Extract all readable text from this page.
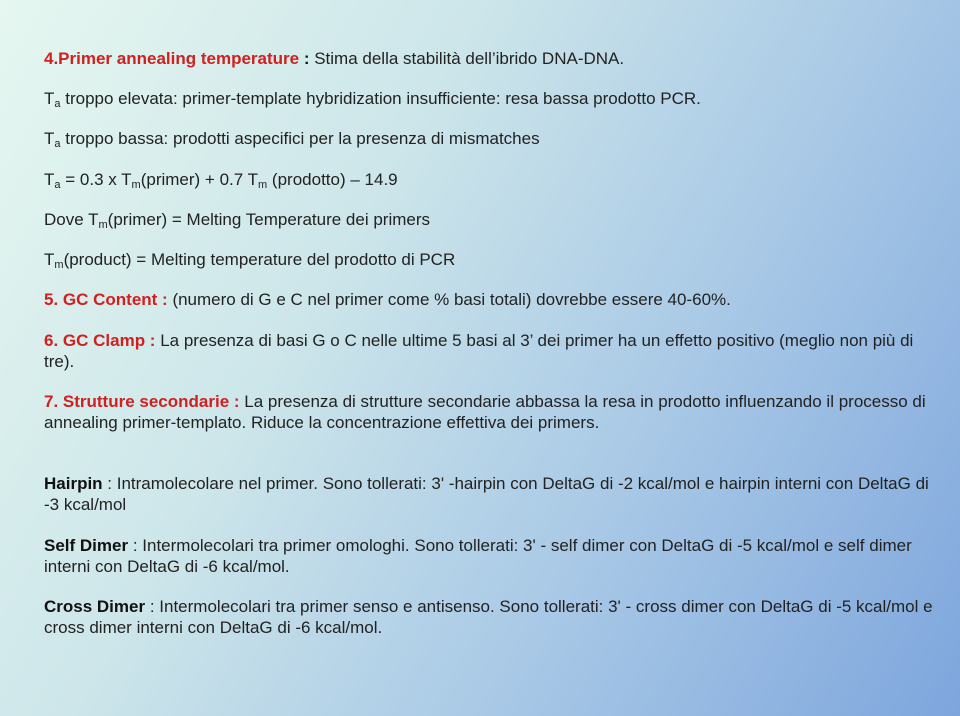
4.Primer annealing temperature : Stima della stabilità dell’ibrido DNA-DNA.
$T_a$ troppo elevata: primer-template hybridization insufficiente: resa bassa prodotto PCR.
$T_a$ troppo bassa: prodotti aspecifici per la presenza di mismatches
$T_a = 0.3$ x $T_m(primer) + 0.7$ $T_m$ (prodotto) – 14.9
Dove $T_m(primer)$ = Melting Temperature dei primers
$T_m(product)$ = Melting temperature del prodotto di PCR
5. GC Content : (numero di G e C nel primer come % basi totali) dovrebbe essere 40-60%.
6. GC Clamp : La presenza di basi G o C nelle ultime 5 basi al 3’ dei primer ha un effetto positivo (meglio non più di tre).
7. Strutture secondarie : La presenza di strutture secondarie abbassa la resa in prodotto influenzando il processo di annealing primer-templato. Riduce la concentrazione effettiva dei primers.
Hairpin : Intramolecolare nel primer. Sono tollerati: 3' -hairpin con DeltaG di -2 kcal/mol e hairpin interni con DeltaG di -3 kcal/mol
Self Dimer : Intermolecolari tra primer omologhi. Sono tollerati: 3' - self dimer con DeltaG di -5 kcal/mol e self dimer interni con DeltaG di -6 kcal/mol.
Cross Dimer : Intermolecolari tra primer senso e antisenso. Sono tollerati: 3' - cross dimer con DeltaG di -5 kcal/mol e cross dimer interni con DeltaG di -6 kcal/mol.
